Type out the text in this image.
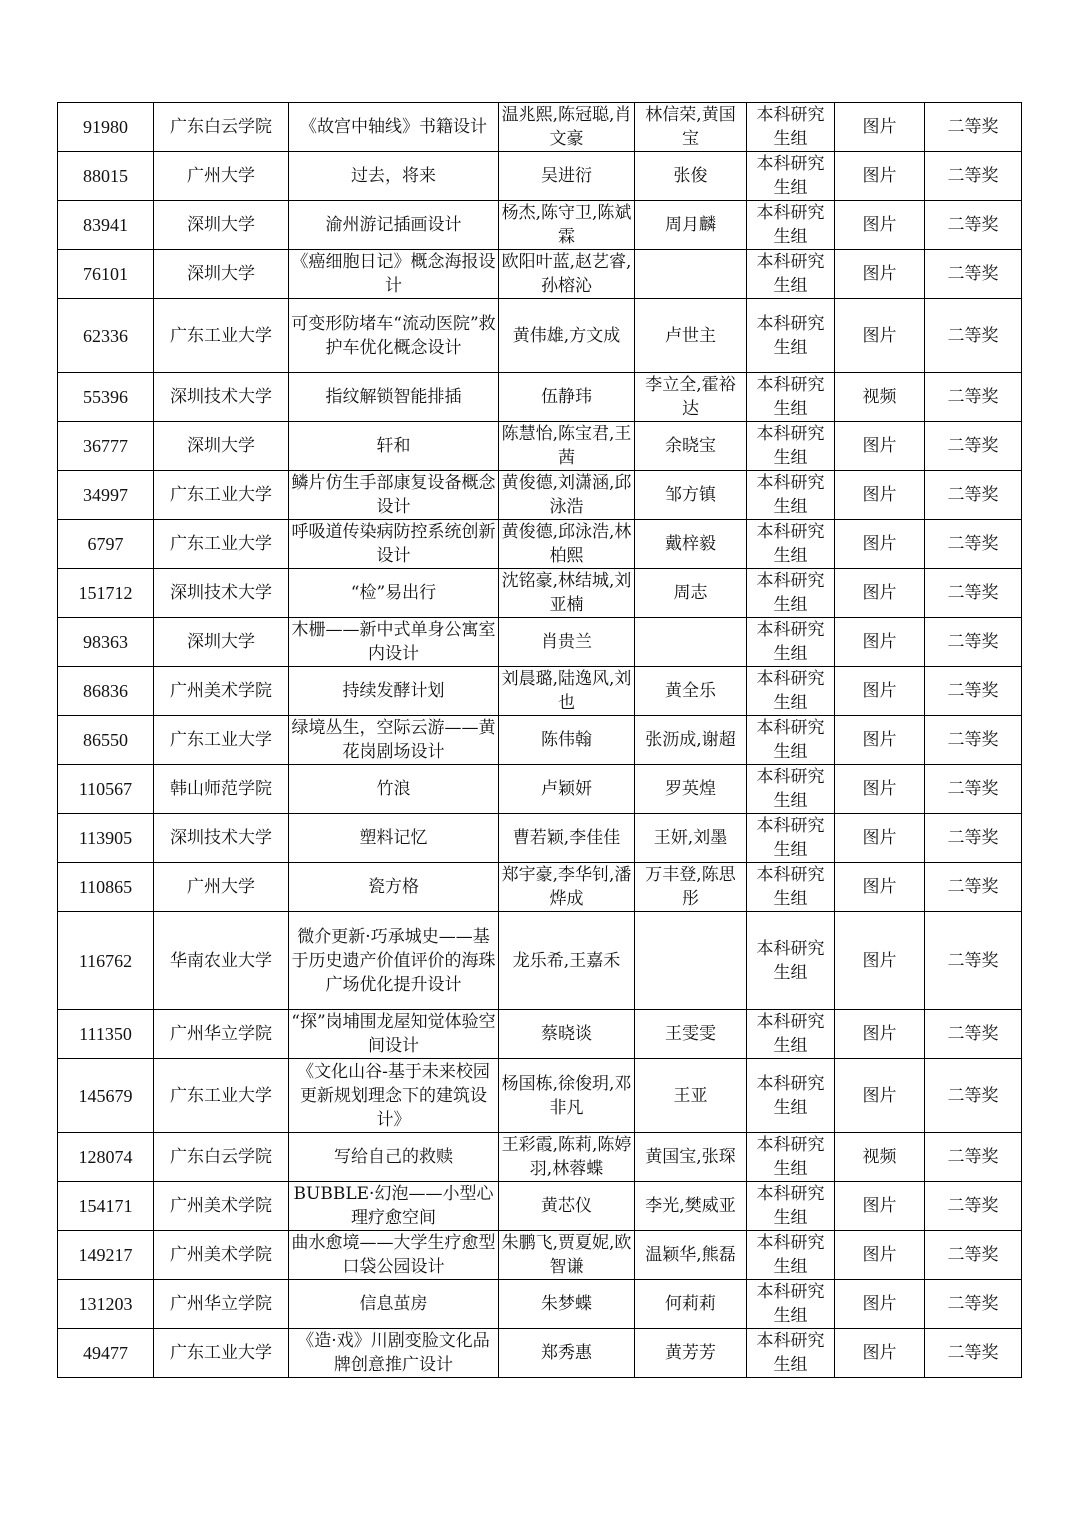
91980	广东白云学院	《故宫中轴线》书籍设计	温兆熙,陈冠聪,肖文豪	林信荣,黄国宝	本科研究生组	图片	二等奖
88015	广州大学	过去，将来	吴进衍	张俊	本科研究生组	图片	二等奖
83941	深圳大学	渝州游记插画设计	杨杰,陈守卫,陈斌霖	周月麟	本科研究生组	图片	二等奖
76101	深圳大学	《癌细胞日记》概念海报设计	欧阳叶蓝,赵艺睿,孙榕沁		本科研究生组	图片	二等奖
62336	广东工业大学	可变形防堵车“流动医院”救护车优化概念设计	黄伟雄,方文成	卢世主	本科研究生组	图片	二等奖
55396	深圳技术大学	指纹解锁智能排插	伍静玮	李立全,霍裕达	本科研究生组	视频	二等奖
36777	深圳大学	轩和	陈慧怡,陈宝君,王茜	余晓宝	本科研究生组	图片	二等奖
34997	广东工业大学	鳞片仿生手部康复设备概念设计	黄俊德,刘潇涵,邱泳浩	邹方镇	本科研究生组	图片	二等奖
6797	广东工业大学	呼吸道传染病防控系统创新设计	黄俊德,邱泳浩,林柏熙	戴梓毅	本科研究生组	图片	二等奖
151712	深圳技术大学	“检”易出行	沈铭豪,林结城,刘亚楠	周志	本科研究生组	图片	二等奖
98363	深圳大学	木栅——新中式单身公寓室内设计	肖贵兰		本科研究生组	图片	二等奖
86836	广州美术学院	持续发酵计划	刘晨璐,陆逸风,刘也	黄全乐	本科研究生组	图片	二等奖
86550	广东工业大学	绿境丛生，空际云游——黄花岗剧场设计	陈伟翰	张沥成,谢超	本科研究生组	图片	二等奖
110567	韩山师范学院	竹浪	卢颖妍	罗英煌	本科研究生组	图片	二等奖
113905	深圳技术大学	塑料记忆	曹若颖,李佳佳	王妍,刘墨	本科研究生组	图片	二等奖
110865	广州大学	瓷方格	郑宇豪,李华钊,潘烨成	万丰登,陈思彤	本科研究生组	图片	二等奖
116762	华南农业大学	微介更新·巧承城史——基于历史遗产价值评价的海珠广场优化提升设计	龙乐希,王嘉禾		本科研究生组	图片	二等奖
111350	广州华立学院	“探”岗埔围龙屋知觉体验空间设计	蔡晓谈	王雯雯	本科研究生组	图片	二等奖
145679	广东工业大学	《文化山谷-基于未来校园更新规划理念下的建筑设计》	杨国栋,徐俊玥,邓非凡	王亚	本科研究生组	图片	二等奖
128074	广东白云学院	写给自己的救赎	王彩霞,陈莉,陈婷羽,林蓉蝶	黄国宝,张琛	本科研究生组	视频	二等奖
154171	广州美术学院	BUBBLE·幻泡——小型心理疗愈空间	黄芯仪	李光,樊威亚	本科研究生组	图片	二等奖
149217	广州美术学院	曲水愈境——大学生疗愈型口袋公园设计	朱鹏飞,贾夏妮,欧智谦	温颖华,熊磊	本科研究生组	图片	二等奖
131203	广州华立学院	信息茧房	朱梦蝶	何莉莉	本科研究生组	图片	二等奖
49477	广东工业大学	《造·戏》川剧变脸文化品牌创意推广设计	郑秀惠	黄芳芳	本科研究生组	图片	二等奖
